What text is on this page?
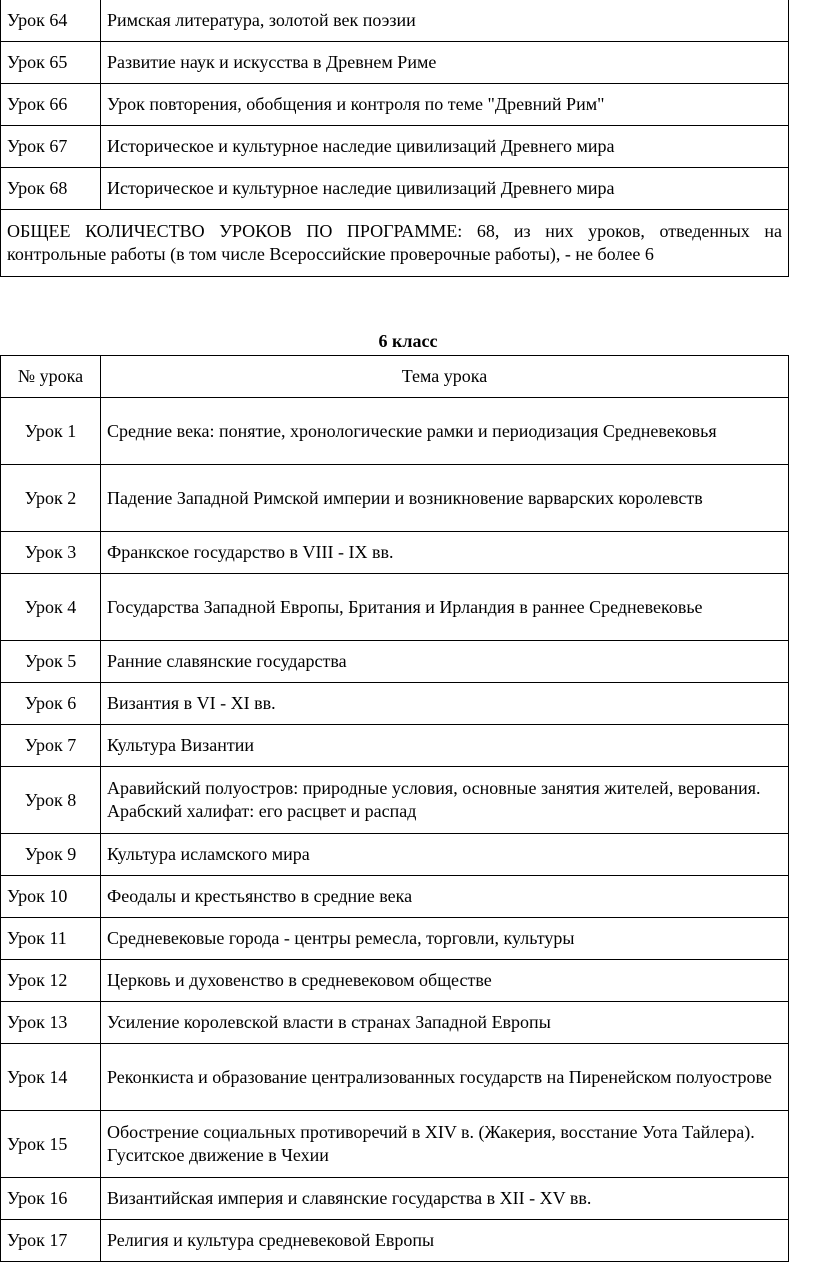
Урок 64	Римская литература, золотой век поэзии
Урок 65	Развитие наук и искусства в Древнем Риме
Урок 66	Урок повторения, обобщения и контроля по теме "Древний Рим"
Урок 67	Историческое и культурное наследие цивилизаций Древнего мира
Урок 68	Историческое и культурное наследие цивилизаций Древнего мира
ОБЩЕЕ КОЛИЧЕСТВО УРОКОВ ПО ПРОГРАММЕ: 68, из них уроков, отведенных на контрольные работы (в том числе Всероссийские проверочные работы), - не более 6	
6 класс
№ урока	Тема урока
Урок 1	Средние века: понятие, хронологические рамки и периодизация Средневековья
Урок 2	Падение Западной Римской империи и возникновение варварских королевств
Урок 3	Франкское государство в VIII - IX вв.
Урок 4	Государства Западной Европы, Британия и Ирландия в раннее Средневековье
Урок 5	Ранние славянские государства
Урок 6	Византия в VI - XI вв.
Урок 7	Культура Византии
Урок 8	Аравийский полуостров: природные условия, основные занятия жителей, верования. Арабский халифат: его расцвет и распад
Урок 9	Культура исламского мира
Урок 10	Феодалы и крестьянство в средние века
Урок 11	Средневековые города - центры ремесла, торговли, культуры
Урок 12	Церковь и духовенство в средневековом обществе
Урок 13	Усиление королевской власти в странах Западной Европы
Урок 14	Реконкиста и образование централизованных государств на Пиренейском полуострове
Урок 15	Обострение социальных противоречий в XIV в. (Жакерия, восстание Уота Тайлера). Гуситское движение в Чехии
Урок 16	Византийская империя и славянские государства в XII - XV вв.
Урок 17	Религия и культура средневековой Европы
